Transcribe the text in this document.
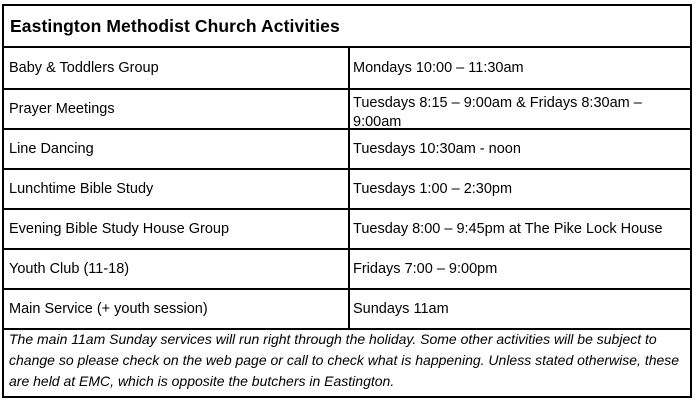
Eastington Methodist Church Activities
Baby & Toddlers Group	Mondays 10:00 – 11:30am
Prayer Meetings	Tuesdays 8:15 – 9:00am & Fridays 8:30am – 9:00am
Line Dancing	Tuesdays 10:30am - noon
Lunchtime Bible Study	Tuesdays 1:00 – 2:30pm
Evening Bible Study House Group	Tuesday 8:00 – 9:45pm at The Pike Lock House
Youth Club (11-18)	Fridays 7:00 – 9:00pm
Main Service (+ youth session)	Sundays 11am
The main 11am Sunday services will run right through the holiday. Some other activities will be subject to change so please check on the web page or call to check what is happening. Unless stated otherwise, these are held at EMC, which is opposite the butchers in Eastington.
